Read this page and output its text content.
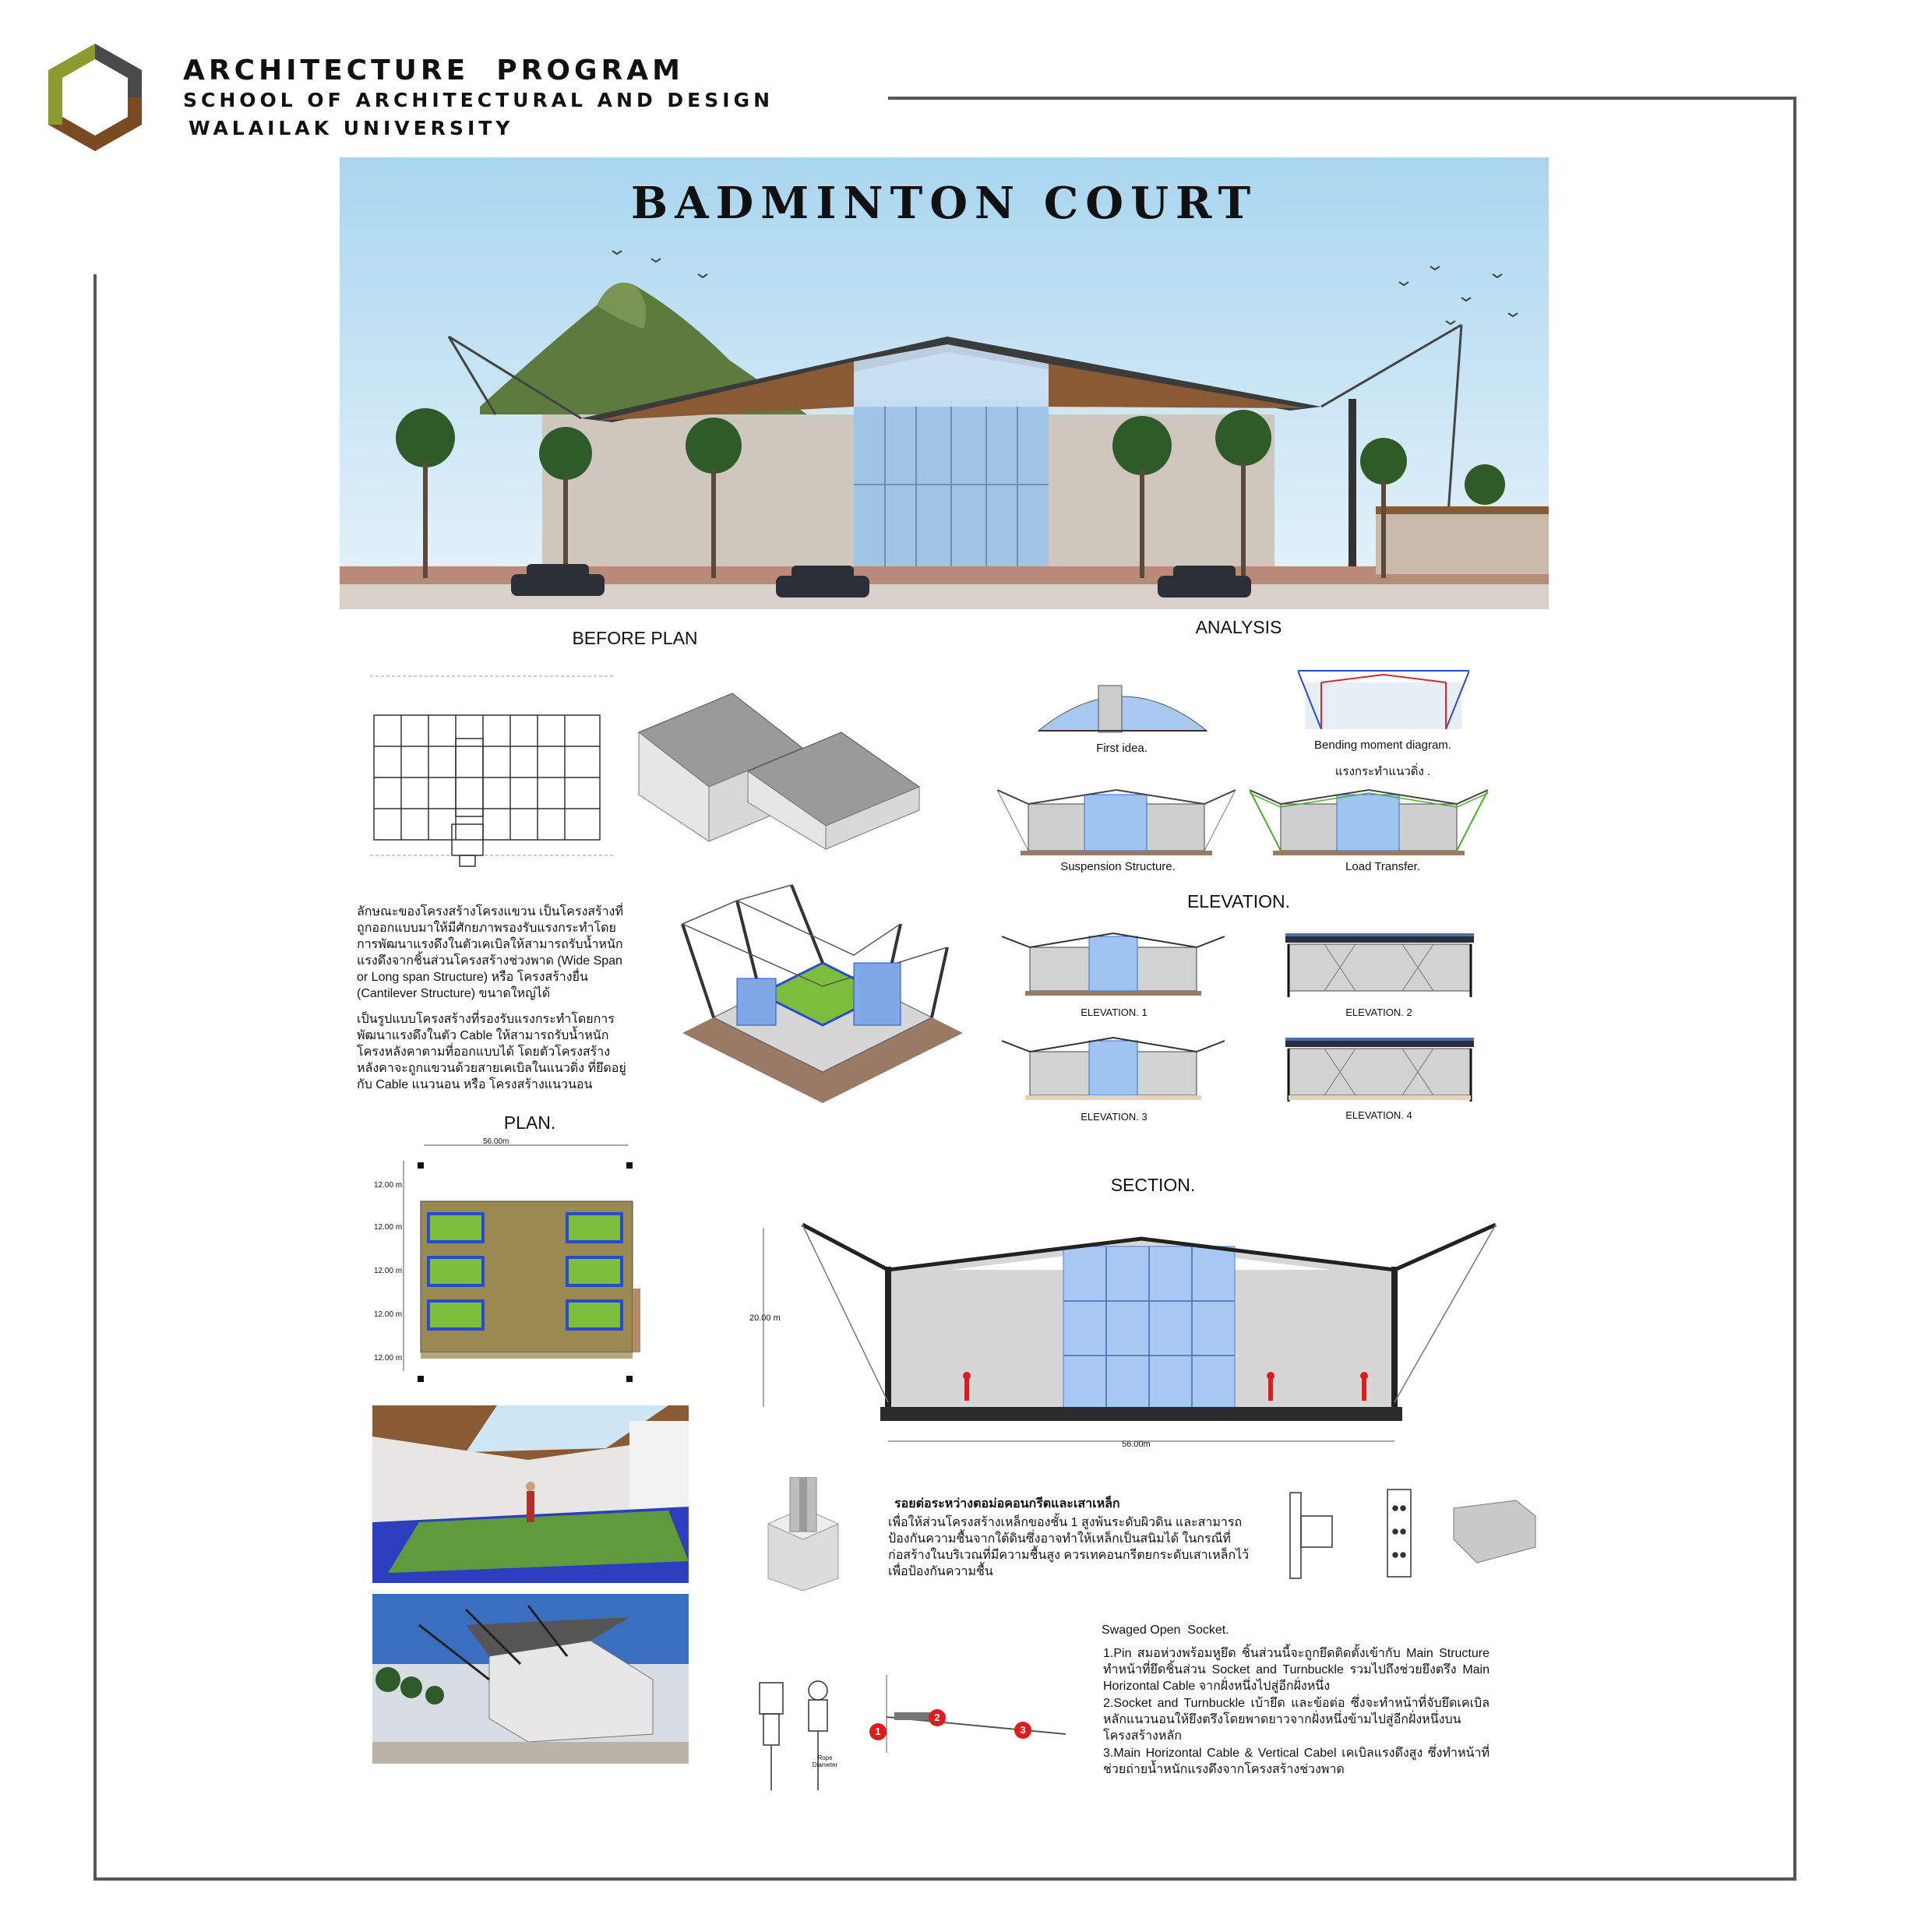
ARCHITECTURE  PROGRAM
SCHOOL OF ARCHITECTURAL AND DESIGN
WALAILAK UNIVERSITY
BADMINTON COURT
BEFORE PLAN
ANALYSIS
First idea.	Bending moment diagram.
แรงกระทำแนวดิ่ง .
Suspension Structure.	Load Transfer.
ลักษณะของโครงสร้างโครงแขวน เป็นโครงสร้างที่ถูกออกแบบมาให้มีศักยภาพรองรับแรงกระทำโดยการพัฒนาแรงดึงในตัวเคเบิลให้สามารถรับน้ำหนักแรงดึงจากชิ้นส่วนโครงสร้างช่วงพาด (Wide Span or Long span Structure) หรือ โครงสร้างยื่น (Cantilever Structure) ขนาดใหญ่ได้
เป็นรูปแบบโครงสร้างที่รองรับแรงกระทำโดยการพัฒนาแรงดึงในตัว Cable ให้สามารถรับน้ำหนักโครงหลังคาตามที่ออกแบบได้ โดยตัวโครงสร้างหลังคาจะถูกแขวนด้วยสายเคเบิลในแนวดิ่ง ที่ยึดอยู่กับ Cable แนวนอน หรือ โครงสร้างแนวนอน
ELEVATION.
ELEVATION. 1	ELEVATION. 2
ELEVATION. 3	ELEVATION. 4
PLAN.
56.00m
12.00 m
12.00 m
12.00 m
12.00 m
12.00 m
SECTION.
20.00 m
56.00m
รอยต่อระหว่างตอม่อคอนกรีตและเสาเหล็ก
เพื่อให้ส่วนโครงสร้างเหล็กของชั้น 1 สูงพ้นระดับผิวดิน และสามารถป้องกันความชื้นจากใต้ดินซึ่งอาจทำให้เหล็กเป็นสนิมได้ ในกรณีที่ก่อสร้างในบริเวณที่มีความชื้นสูง ควรเทคอนกรีตยกระดับเสาเหล็กไว้เพื่อป้องกันความชื้น
Rope Diameter
1
2
3
Swaged Open  Socket.
1.Pin สมอห่วงพร้อมหูยึด ชิ้นส่วนนี้จะถูกยึดติดตั้งเข้ากับ Main Structure ทำหน้าที่ยึดชิ้นส่วน Socket and Turnbuckle รวมไปถึงช่วยยึงตรึง Main Horizontal Cable จากฝั่งหนึ่งไปสู่อีกฝั่งหนึ่ง
2.Socket and Turnbuckle เบ้ายึด และข้อต่อ ซึ่งจะทำหน้าที่จับยึดเคเบิลหลักแนวนอนให้ยึงตรึงโดยพาดยาวจากฝั่งหนึ่งข้ามไปสู่อีกฝั่งหนึ่งบนโครงสร้างหลัก
3.Main Horizontal Cable & Vertical Cabel เคเบิลแรงดึงสูง ซึ่งทำหน้าที่ช่วยถ่ายน้ำหนักแรงดึงจากโครงสร้างช่วงพาด
